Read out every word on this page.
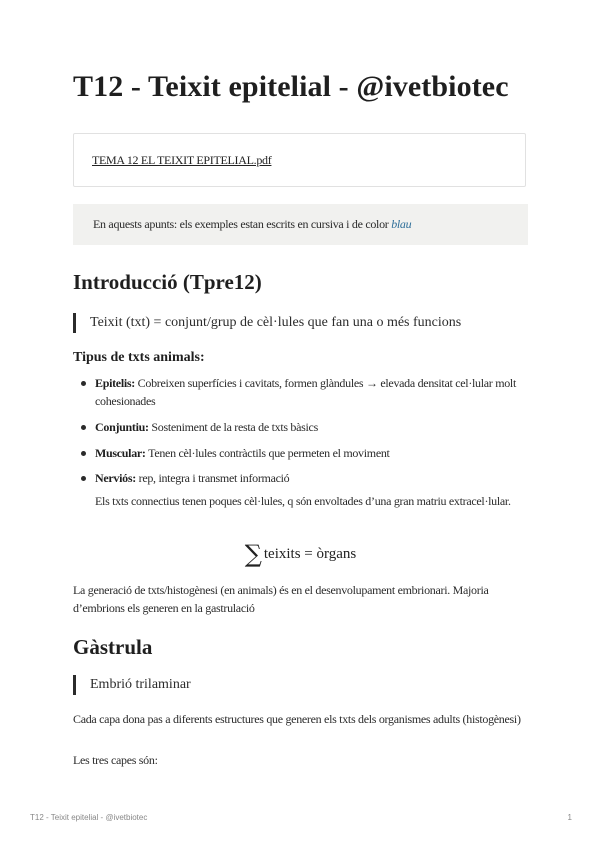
T12 - Teixit epitelial - @ivetbiotec
TEMA 12 EL TEIXIT EPITELIAL.pdf
En aquests apunts: els exemples estan escrits en cursiva i de color blau
Introducció (Tpre12)
Teixit (txt) = conjunt/grup de cèl·lules que fan una o més funcions
Tipus de txts animals:
Epitelis: Cobreixen superfícies i cavitats, formen glàndules → elevada densitat cel·lular molt cohesionades
Conjuntiu: Sosteniment de la resta de txts bàsics
Muscular: Tenen cèl·lules contràctils que permeten el moviment
Nerviós: rep, integra i transmet informació
Els txts connectius tenen poques cèl·lules, q són envoltades d’una gran matriu extracel·lular.
∑ teixits = òrgans
La generació de txts/histogènesi (en animals) és en el desenvolupament embrionari. Majoria d’embrions els generen en la gastrulació
Gàstrula
Embrió trilaminar
Cada capa dona pas a diferents estructures que generen els txts dels organismes adults (histogènesi)
Les tres capes són:
T12 - Teixit epitelial - @ivetbiotec	1
